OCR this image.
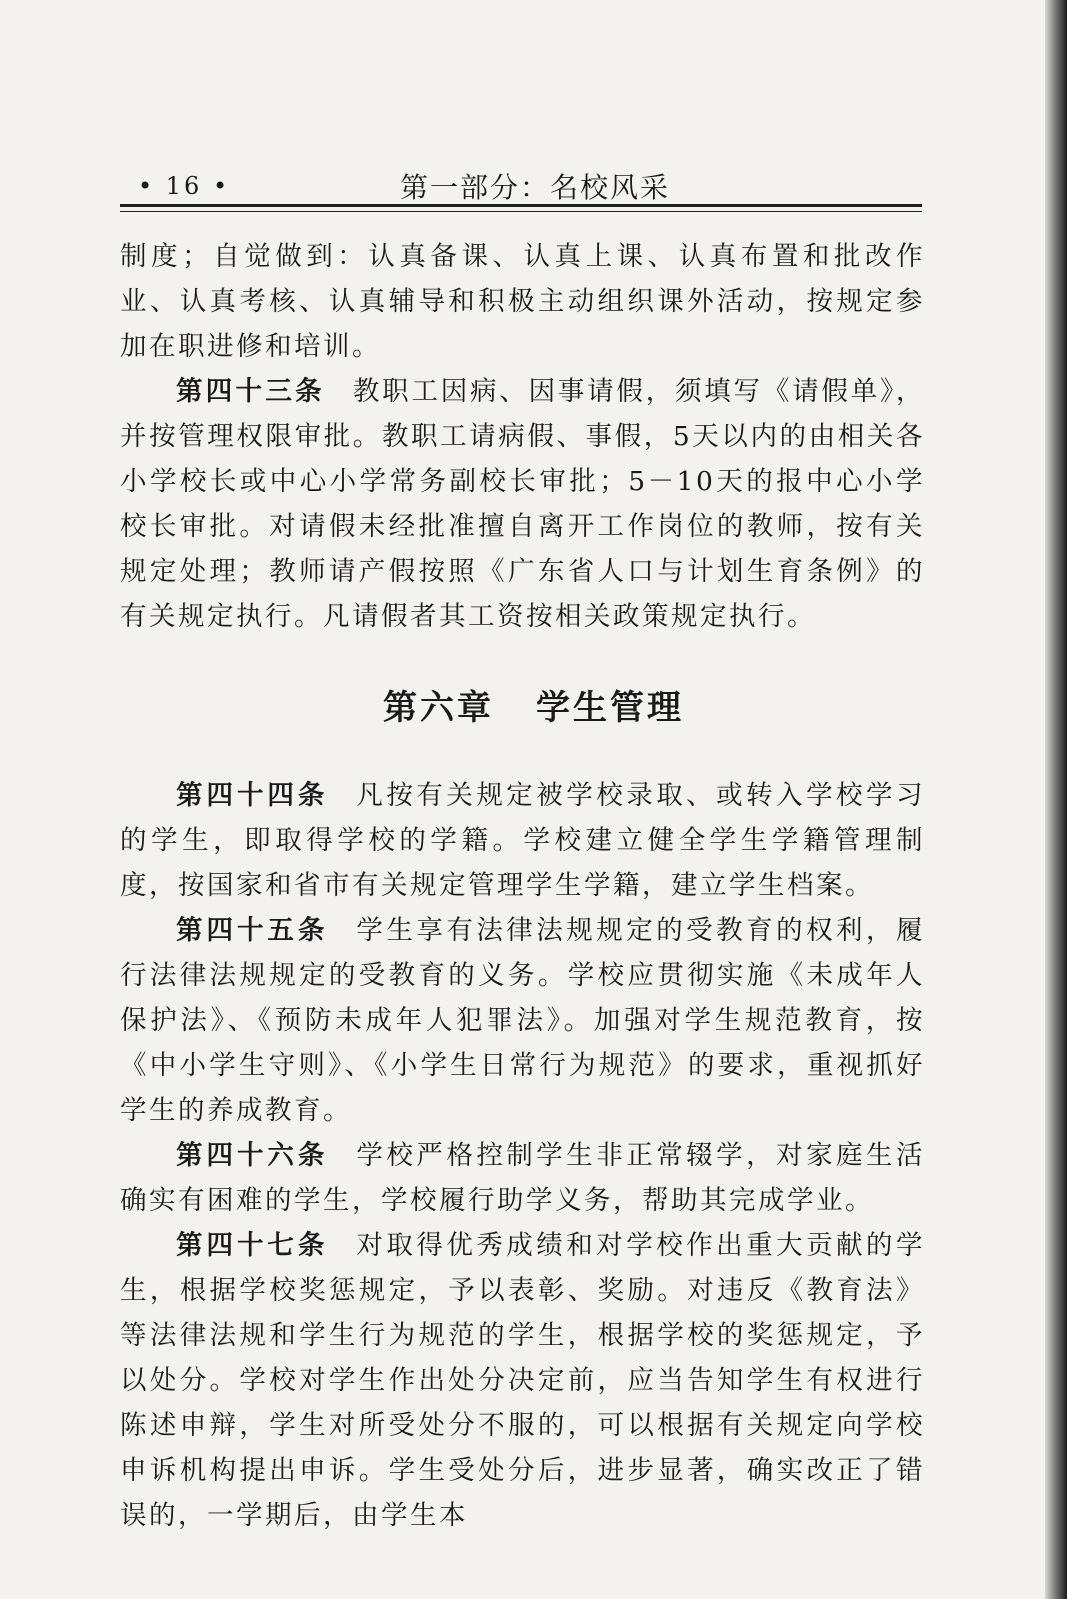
• 16 •	第一部分：名校风采

制度；自觉做到：认真备课、认真上课、认真布置和批改作业、认真考核、认真辅导和积极主动组织课外活动，按规定参加在职进修和培训。

第四十三条 教职工因病、因事请假，须填写《请假单》，并按管理权限审批。教职工请病假、事假，5天以内的由相关各小学校长或中心小学常务副校长审批；5－10天的报中心小学校长审批。对请假未经批准擅自离开工作岗位的教师，按有关规定处理；教师请产假按照《广东省人口与计划生育条例》的有关规定执行。凡请假者其工资按相关政策规定执行。

第六章 学生管理

第四十四条 凡按有关规定被学校录取、或转入学校学习的学生，即取得学校的学籍。学校建立健全学生学籍管理制度，按国家和省市有关规定管理学生学籍，建立学生档案。

第四十五条 学生享有法律法规规定的受教育的权利，履行法律法规规定的受教育的义务。学校应贯彻实施《未成年人保护法》、《预防未成年人犯罪法》。加强对学生规范教育，按《中小学生守则》、《小学生日常行为规范》的要求，重视抓好学生的养成教育。

第四十六条 学校严格控制学生非正常辍学，对家庭生活确实有困难的学生，学校履行助学义务，帮助其完成学业。

第四十七条 对取得优秀成绩和对学校作出重大贡献的学生，根据学校奖惩规定，予以表彰、奖励。对违反《教育法》等法律法规和学生行为规范的学生，根据学校的奖惩规定，予以处分。学校对学生作出处分决定前，应当告知学生有权进行陈述申辩，学生对所受处分不服的，可以根据有关规定向学校申诉机构提出申诉。学生受处分后，进步显著，确实改正了错误的，一学期后，由学生本
